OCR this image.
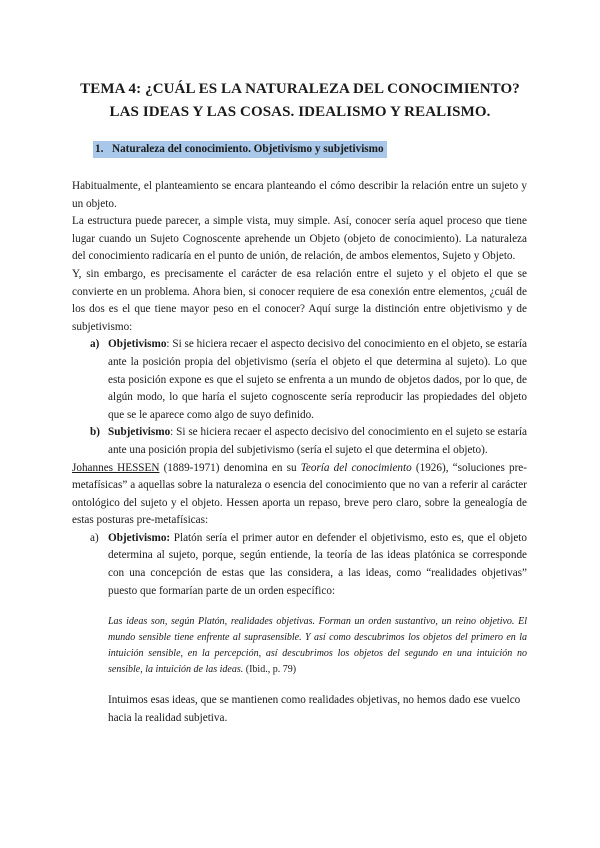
TEMA 4: ¿CUÁL ES LA NATURALEZA DEL CONOCIMIENTO?
LAS IDEAS Y LAS COSAS. IDEALISMO Y REALISMO.
1. Naturaleza del conocimiento. Objetivismo y subjetivismo

Habitualmente, el planteamiento se encara planteando el cómo describir la relación entre un sujeto y un objeto.

La estructura puede parecer, a simple vista, muy simple. Así, conocer sería aquel proceso que tiene lugar cuando un Sujeto Cognoscente aprehende un Objeto (objeto de conocimiento). La naturaleza del conocimiento radicaría en el punto de unión, de relación, de ambos elementos, Sujeto y Objeto.

Y, sin embargo, es precisamente el carácter de esa relación entre el sujeto y el objeto el que se convierte en un problema. Ahora bien, si conocer requiere de esa conexión entre elementos, ¿cuál de los dos es el que tiene mayor peso en el conocer? Aquí surge la distinción entre objetivismo y de subjetivismo:

a) Objetivismo: Si se hiciera recaer el aspecto decisivo del conocimiento en el objeto, se estaría ante la posición propia del objetivismo (sería el objeto el que determina al sujeto). Lo que esta posición expone es que el sujeto se enfrenta a un mundo de objetos dados, por lo que, de algún modo, lo que haría el sujeto cognoscente sería reproducir las propiedades del objeto que se le aparece como algo de suyo definido.
b) Subjetivismo: Si se hiciera recaer el aspecto decisivo del conocimiento en el sujeto se estaría ante una posición propia del subjetivismo (sería el sujeto el que determina el objeto).

Johannes HESSEN (1889-1971) denomina en su Teoría del conocimiento (1926), “soluciones pre-metafísicas” a aquellas sobre la naturaleza o esencia del conocimiento que no van a referir al carácter ontológico del sujeto y el objeto. Hessen aporta un repaso, breve pero claro, sobre la genealogía de estas posturas pre-metafísicas:

a) Objetivismo: Platón sería el primer autor en defender el objetivismo, esto es, que el objeto determina al sujeto, porque, según entiende, la teoría de las ideas platónica se corresponde con una concepción de estas que las considera, a las ideas, como “realidades objetivas” puesto que formarían parte de un orden específico:
Las ideas son, según Platón, realidades objetivas. Forman un orden sustantivo, un reino objetivo. El mundo sensible tiene enfrente al suprasensible. Y así como descubrimos los objetos del primero en la intuición sensible, en la percepción, así descubrimos los objetos del segundo en una intuición no sensible, la intuición de las ideas. (Ibid., p. 79)

Intuimos esas ideas, que se mantienen como realidades objetivas, no hemos dado ese vuelco hacia la realidad subjetiva.
